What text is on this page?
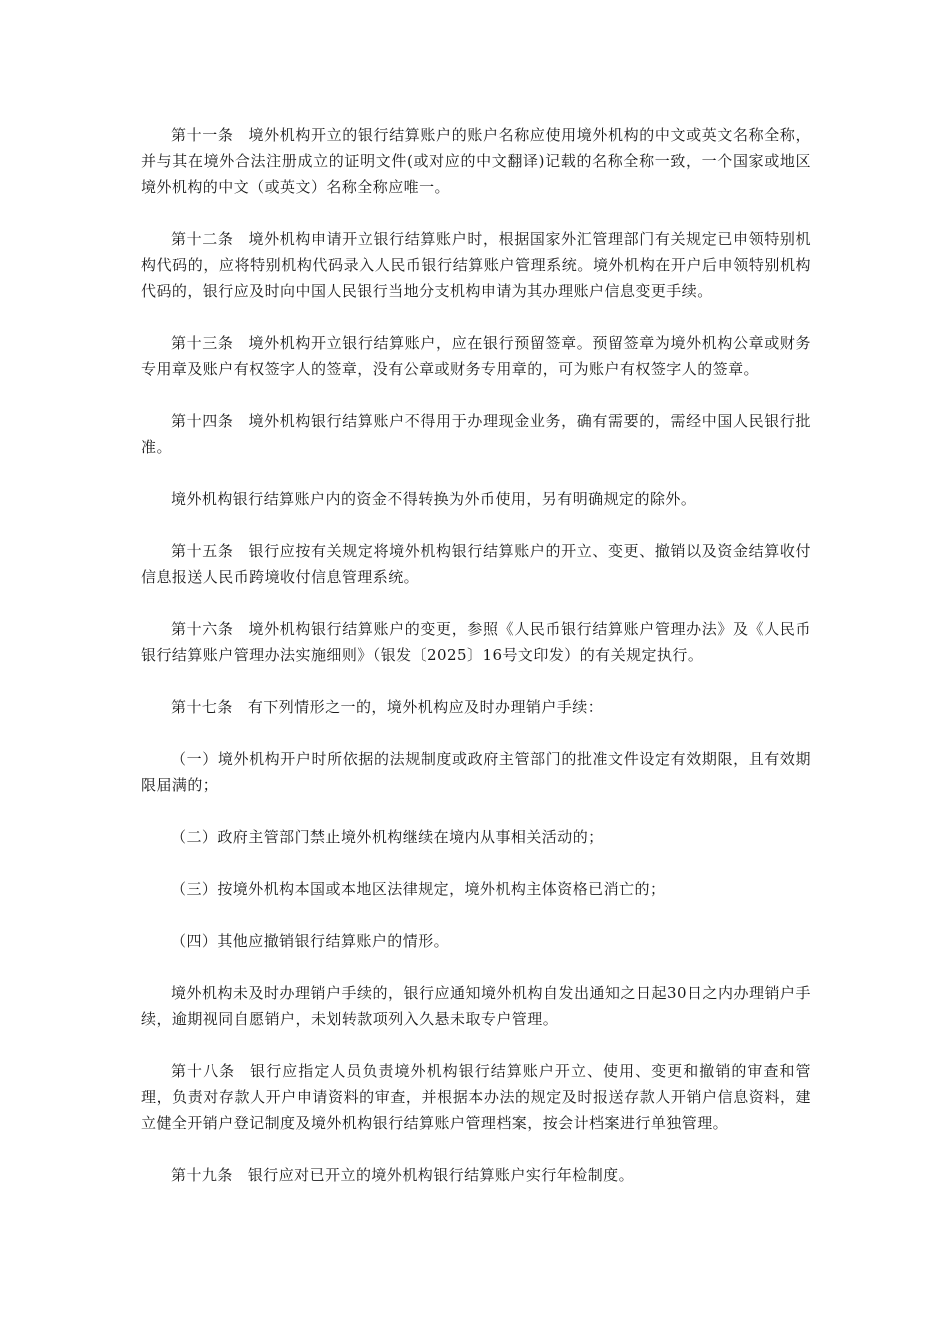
第十一条 境外机构开立的银行结算账户的账户名称应使用境外机构的中文或英文名称全称，并与其在境外合法注册成立的证明文件(或对应的中文翻译)记载的名称全称一致，一个国家或地区境外机构的中文（或英文）名称全称应唯一。

第十二条 境外机构申请开立银行结算账户时，根据国家外汇管理部门有关规定已申领特别机构代码的，应将特别机构代码录入人民币银行结算账户管理系统。境外机构在开户后申领特别机构代码的，银行应及时向中国人民银行当地分支机构申请为其办理账户信息变更手续。

第十三条 境外机构开立银行结算账户，应在银行预留签章。预留签章为境外机构公章或财务专用章及账户有权签字人的签章，没有公章或财务专用章的，可为账户有权签字人的签章。

第十四条 境外机构银行结算账户不得用于办理现金业务，确有需要的，需经中国人民银行批准。

境外机构银行结算账户内的资金不得转换为外币使用，另有明确规定的除外。

第十五条 银行应按有关规定将境外机构银行结算账户的开立、变更、撤销以及资金结算收付信息报送人民币跨境收付信息管理系统。

第十六条 境外机构银行结算账户的变更，参照《人民币银行结算账户管理办法》及《人民币银行结算账户管理办法实施细则》（银发〔2025〕16号文印发）的有关规定执行。

第十七条 有下列情形之一的，境外机构应及时办理销户手续：

（一）境外机构开户时所依据的法规制度或政府主管部门的批准文件设定有效期限，且有效期限届满的；

（二）政府主管部门禁止境外机构继续在境内从事相关活动的；

（三）按境外机构本国或本地区法律规定，境外机构主体资格已消亡的；

（四）其他应撤销银行结算账户的情形。

境外机构未及时办理销户手续的，银行应通知境外机构自发出通知之日起30日之内办理销户手续，逾期视同自愿销户，未划转款项列入久悬未取专户管理。

第十八条 银行应指定人员负责境外机构银行结算账户开立、使用、变更和撤销的审查和管理，负责对存款人开户申请资料的审查，并根据本办法的规定及时报送存款人开销户信息资料，建立健全开销户登记制度及境外机构银行结算账户管理档案，按会计档案进行单独管理。

第十九条 银行应对已开立的境外机构银行结算账户实行年检制度。
